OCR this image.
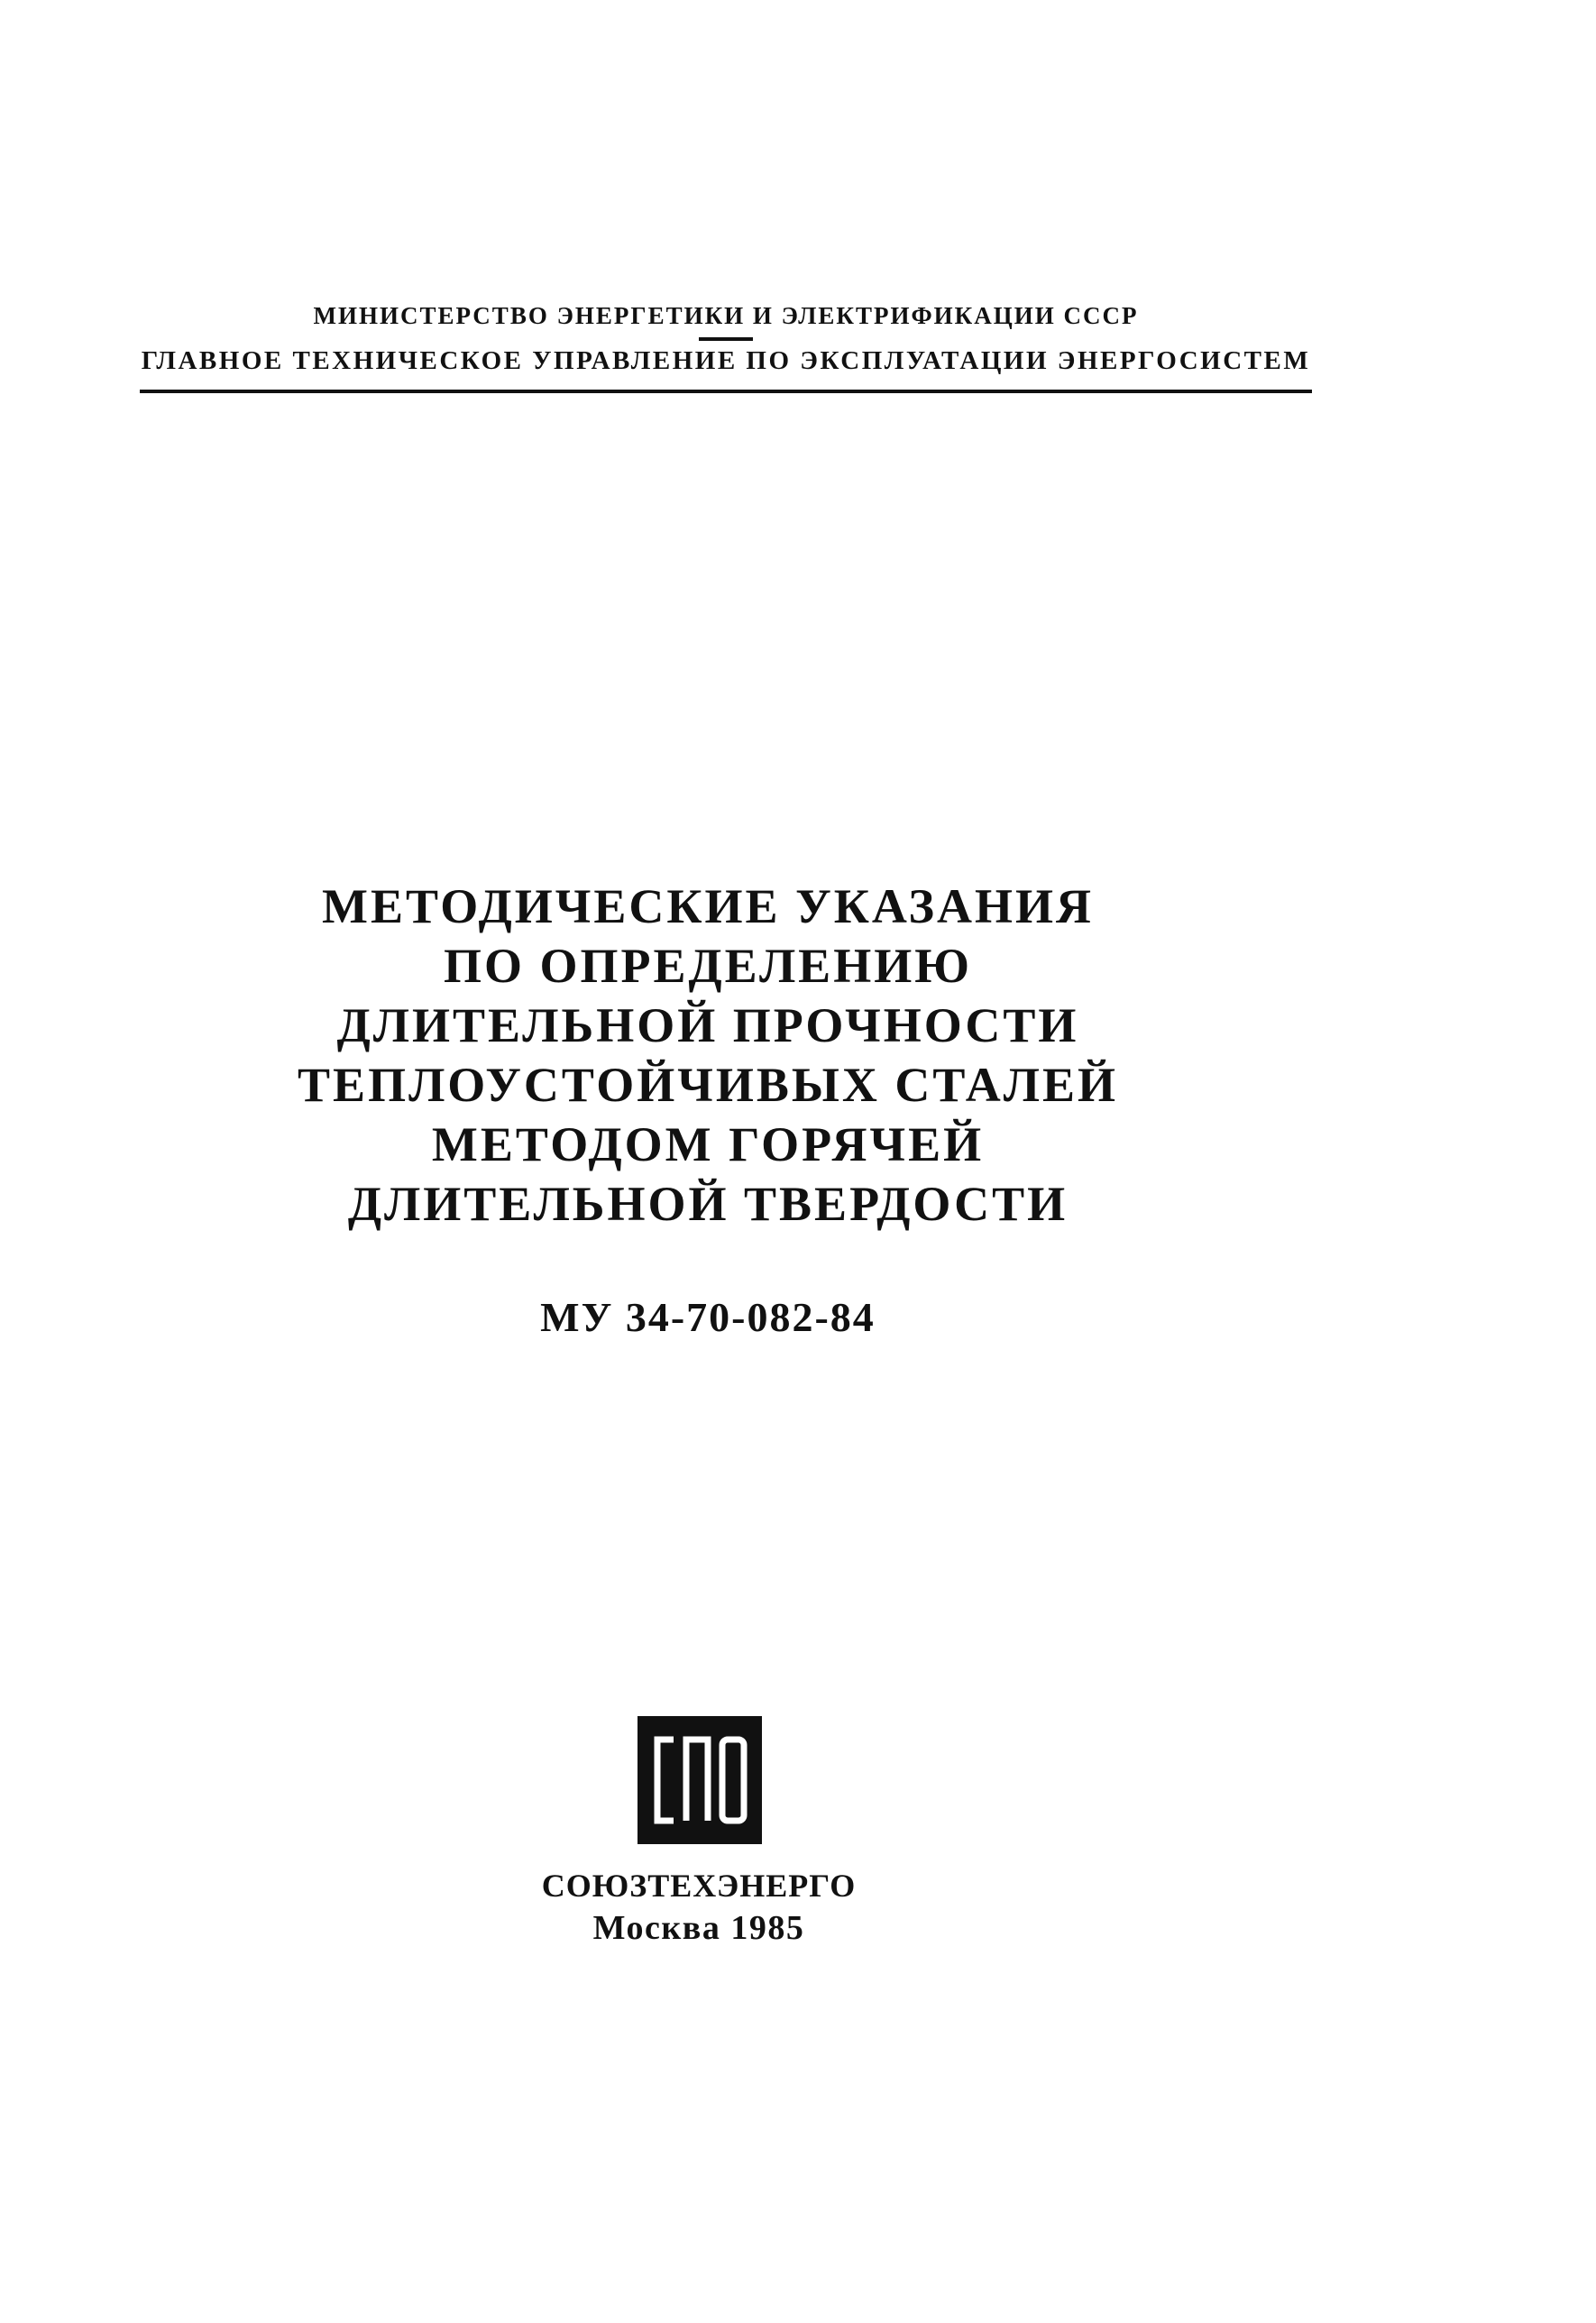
МИНИСТЕРСТВО ЭНЕРГЕТИКИ И ЭЛЕКТРИФИКАЦИИ СССР
ГЛАВНОЕ ТЕХНИЧЕСКОЕ УПРАВЛЕНИЕ ПО ЭКСПЛУАТАЦИИ ЭНЕРГОСИСТЕМ
МЕТОДИЧЕСКИЕ УКАЗАНИЯ
ПО ОПРЕДЕЛЕНИЮ
ДЛИТЕЛЬНОЙ ПРОЧНОСТИ
ТЕПЛОУСТОЙЧИВЫХ СТАЛЕЙ
МЕТОДОМ ГОРЯЧЕЙ
ДЛИТЕЛЬНОЙ ТВЕРДОСТИ
МУ 34-70-082-84
СОЮЗТЕХЭНЕРГО
Москва 1985
